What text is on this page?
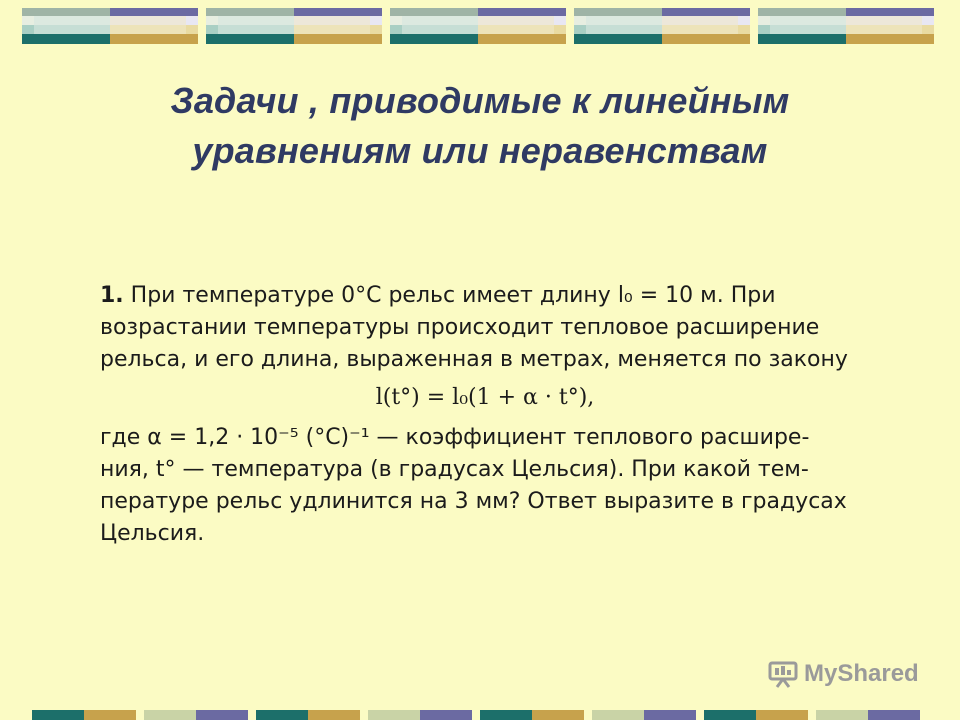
Задачи , приводимые к линейным
уравнениям или неравенствам
1. При температуре 0°С рельс имеет длину l₀ = 10 м. При
возрастании температуры происходит тепловое расширение
рельса, и его длина, выраженная в метрах, меняется по закону
l(t°) = l₀(1 + α · t°),
где α = 1,2 · 10⁻⁵ (°C)⁻¹ — коэффициент теплового расшире-
ния, t° — температура (в градусах Цельсия). При какой тем-
пературе рельс удлинится на 3 мм? Ответ выразите в градусах
Цельсия.
MyShared
